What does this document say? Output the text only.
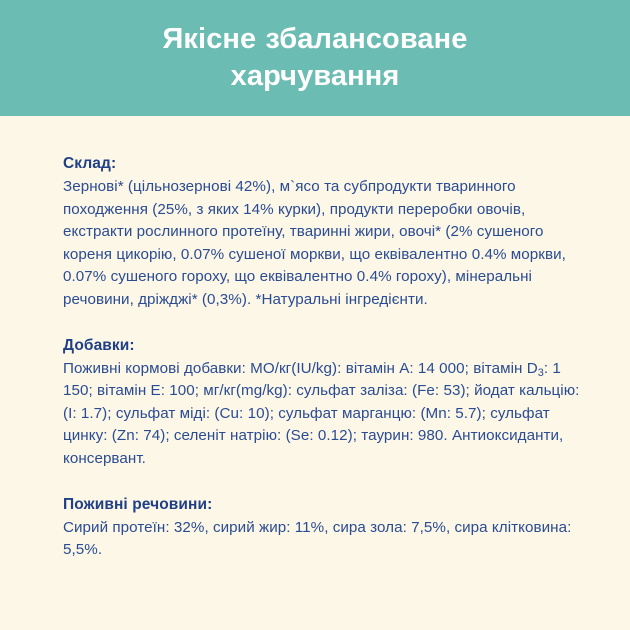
Якісне збалансоване харчування

Склад:

Зернові* (цільнозернові 42%), м`ясо та субпродукти тваринного походження (25%, з яких 14% курки), продукти переробки овочів, екстракти рослинного протеїну, тваринні жири, овочі* (2% сушеного кореня цикорію, 0.07% сушеної моркви, що еквівалентно 0.4% моркви, 0.07% сушеного гороху, що еквівалентно 0.4% гороху), мінеральні речовини, дріжджі* (0,3%). *Натуральні інгредієнти.

Добавки:

Поживні кормові добавки: МО/кг(IU/kg): вітамін A: 14 000; вітамін $D_3$: 1 150; вітамін E: 100; мг/кг(mg/kg): сульфат заліза: (Fe: 53); йодат кальцію: (I: 1.7); сульфат міді: (Cu: 10); сульфат марганцю: (Mn: 5.7); сульфат цинку: (Zn: 74); селеніт натрію: (Se: 0.12); таурин: 980. Антиоксиданти, консервант.

Поживні речовини:

Сирий протеїн: 32%, сирий жир: 11%, сира зола: 7,5%, сира клітковина: 5,5%.
